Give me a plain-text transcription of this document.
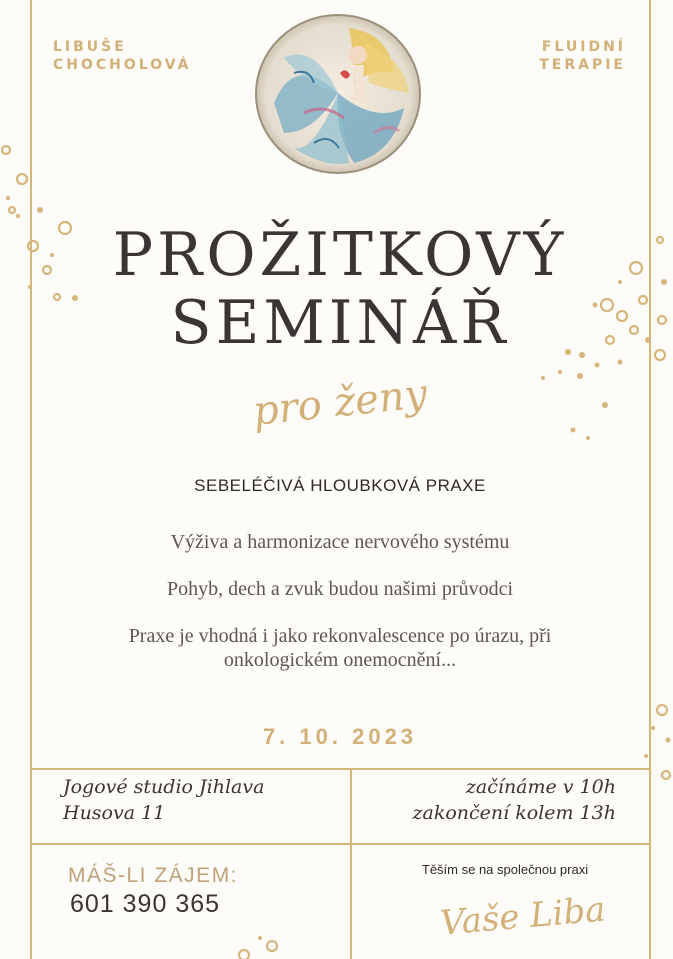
LIBUŠE
CHOCHOLOVÁ
FLUIDNÍ
TERAPIE
PROŽITKOVÝ
SEMINÁŘ
pro ženy
SEBELÉČIVÁ HLOUBKOVÁ PRAXE
Výživa a harmonizace nervového systému
Pohyb, dech a zvuk budou našimi průvodci
Praxe je vhodná i jako rekonvalescence po úrazu, při
onkologickém onemocnění...
7. 10. 2023
Jogové studio Jihlava
Husova 11
začínáme v 10h
zakončení kolem 13h
MÁŠ-LI ZÁJEM:
601 390 365
Těším se na společnou praxi
Vaše Liba
